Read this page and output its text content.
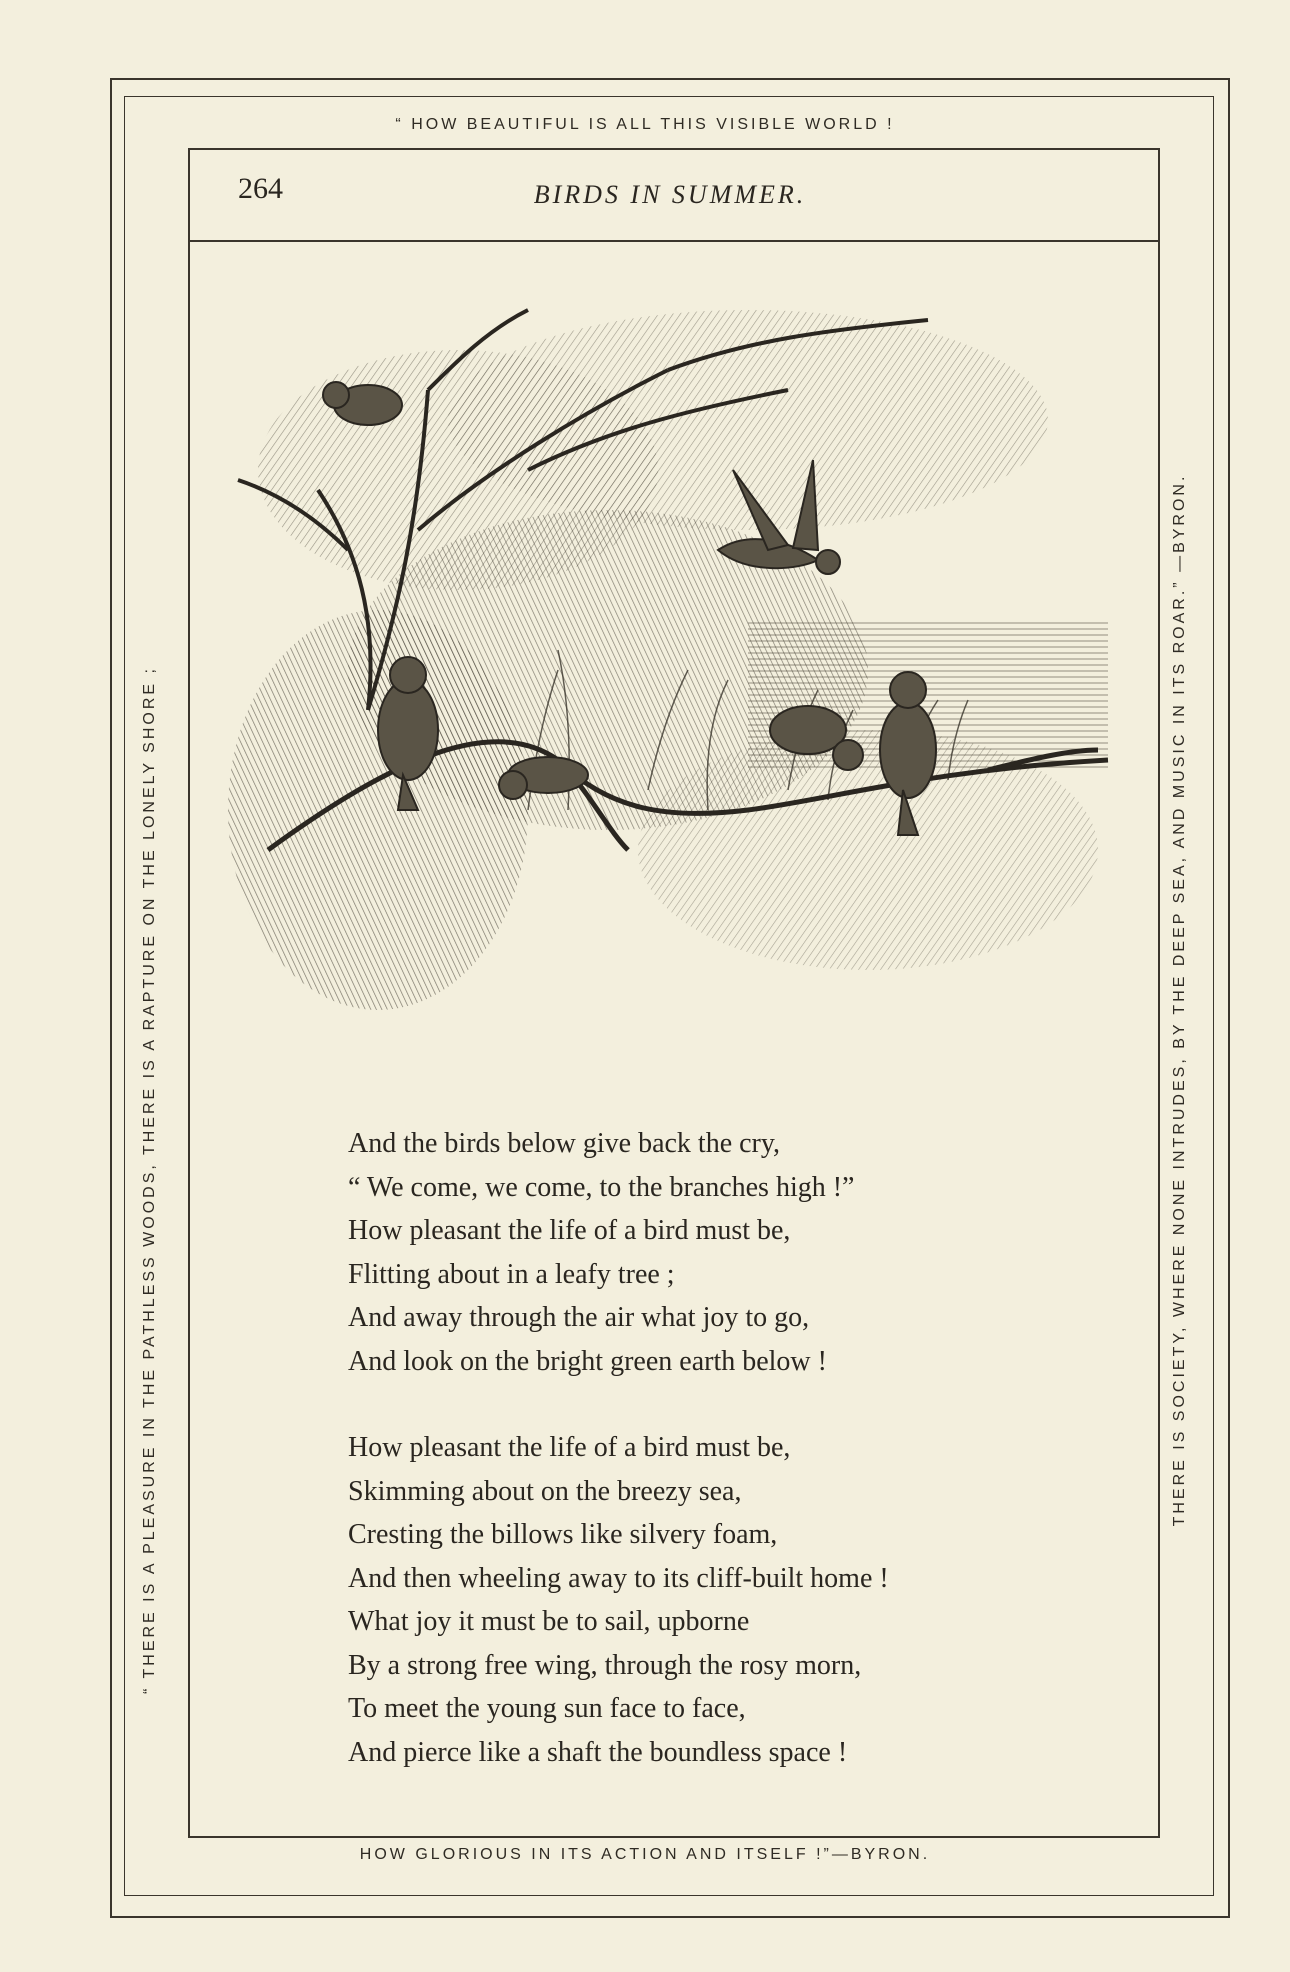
“ HOW BEAUTIFUL IS ALL THIS VISIBLE WORLD !
“ THERE IS A PLEASURE IN THE PATHLESS WOODS, THERE IS A RAPTURE ON THE LONELY SHORE ;	THERE IS SOCIETY, WHERE NONE INTRUDES, BY THE DEEP SEA, AND MUSIC IN ITS ROAR.” —BYRON.
HOW GLORIOUS IN ITS ACTION AND ITSELF !”—BYRON.
264	BIRDS IN SUMMER.
And the birds below give back the cry,
“ We come, we come, to the branches high !”
How pleasant the life of a bird must be,
Flitting about in a leafy tree ;
And away through the air what joy to go,
And look on the bright green earth below !
How pleasant the life of a bird must be,
Skimming about on the breezy sea,
Cresting the billows like silvery foam,
And then wheeling away to its cliff-built home !
What joy it must be to sail, upborne
By a strong free wing, through the rosy morn,
To meet the young sun face to face,
And pierce like a shaft the boundless space !
